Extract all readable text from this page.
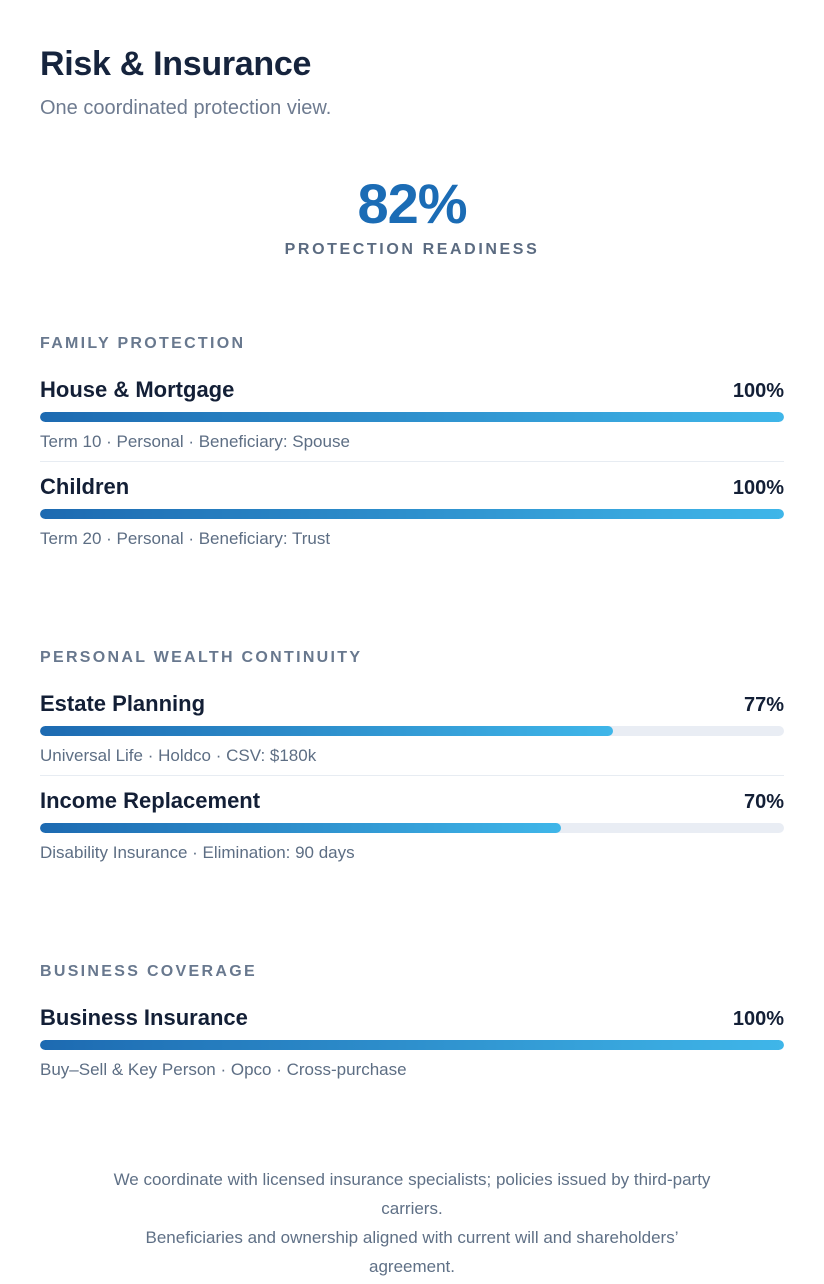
Risk & Insurance

One coordinated protection view.

82%
PROTECTION READINESS
FAMILY PROTECTION
House & Mortgage	100%
Term 10 · Personal · Beneficiary: Spouse
Children	100%
Term 20 · Personal · Beneficiary: Trust
PERSONAL WEALTH CONTINUITY
Estate Planning	77%
Universal Life · Holdco · CSV: $180k
Income Replacement	70%
Disability Insurance · Elimination: 90 days
BUSINESS COVERAGE
Business Insurance	100%
Buy–Sell & Key Person · Opco · Cross-purchase
We coordinate with licensed insurance specialists; policies issued by third-party
carriers.
Beneficiaries and ownership aligned with current will and shareholders’
agreement.
